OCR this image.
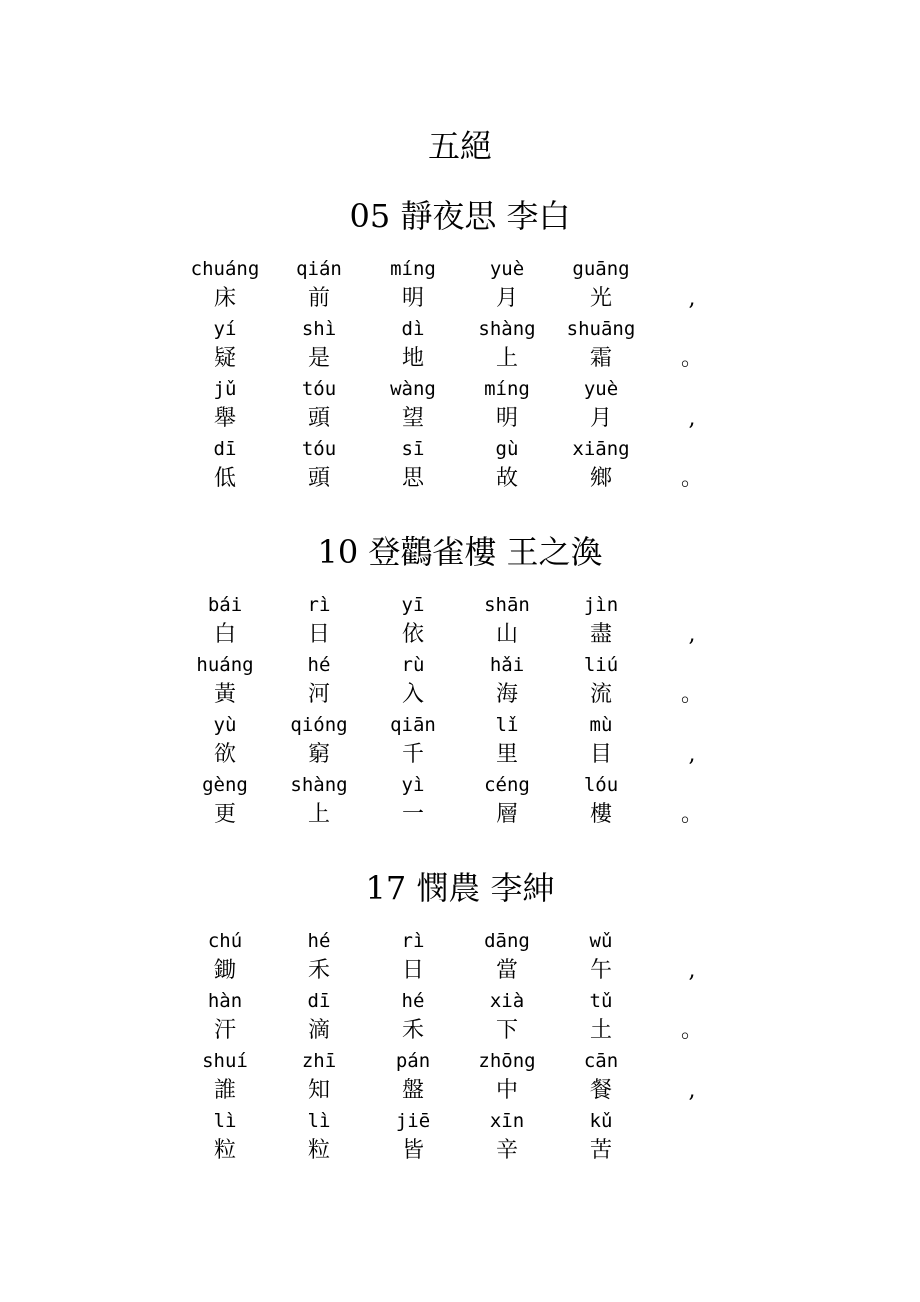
五絕
05 靜夜思 李白
chuáng	qián	míng	yuè	guāng
床	前	明	月	光	,
yí	shì	dì	shàng	shuāng
疑	是	地	上	霜	。
jǔ	tóu	wàng	míng	yuè
舉	頭	望	明	月	,
dī	tóu	sī	gù	xiāng
低	頭	思	故	鄉	。
10 登鸛雀樓 王之渙
bái	rì	yī	shān	jìn
白	日	依	山	盡	,
huáng	hé	rù	hǎi	liú
黃	河	入	海	流	。
yù	qióng	qiān	lǐ	mù
欲	窮	千	里	目	,
gèng	shàng	yì	céng	lóu
更	上	一	層	樓	。
17 憫農 李紳
chú	hé	rì	dāng	wǔ
鋤	禾	日	當	午	,
hàn	dī	hé	xià	tǔ
汗	滴	禾	下	土	。
shuí	zhī	pán	zhōng	cān
誰	知	盤	中	餐	,
lì	lì	jiē	xīn	kǔ
粒	粒	皆	辛	苦
